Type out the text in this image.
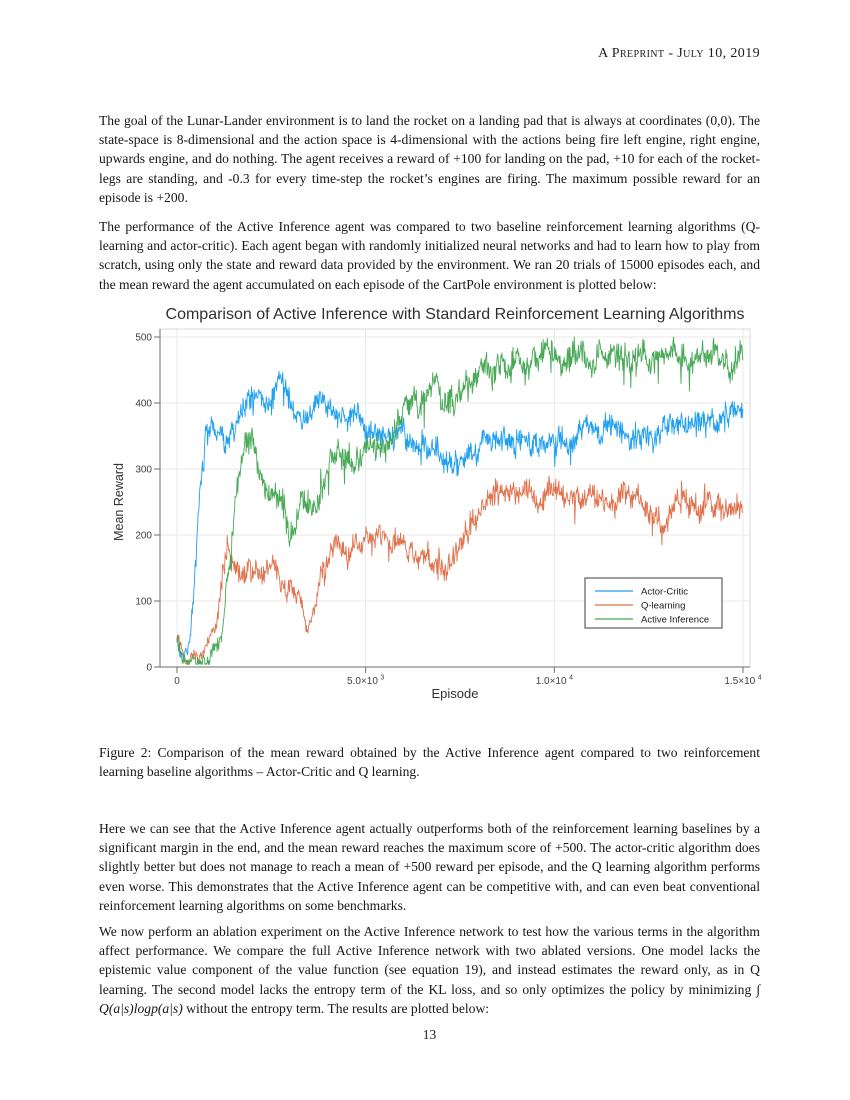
A Preprint - July 10, 2019

The goal of the Lunar-Lander environment is to land the rocket on a landing pad that is always at coordinates (0,0). The state-space is 8-dimensional and the action space is 4-dimensional with the actions being fire left engine, right engine, upwards engine, and do nothing. The agent receives a reward of +100 for landing on the pad, +10 for each of the rocket-legs are standing, and -0.3 for every time-step the rocket’s engines are firing. The maximum possible reward for an episode is +200.

The performance of the Active Inference agent was compared to two baseline reinforcement learning algorithms (Q-learning and actor-critic). Each agent began with randomly initialized neural networks and had to learn how to play from scratch, using only the state and reward data provided by the environment. We ran 20 trials of 15000 episodes each, and the mean reward the agent accumulated on each episode of the CartPole environment is plotted below:

Comparison of Active Inference with Standard Reinforcement Learning Algorithms
0
100
200
300
400
500
0	5.0×10 $^3$	1.0×10 $^4$	1.5×10 $^4$
Mean Reward
Episode
Actor-Critic
Q-learning
Active Inference

Figure 2: Comparison of the mean reward obtained by the Active Inference agent compared to two reinforcement learning baseline algorithms – Actor-Critic and Q learning.

Here we can see that the Active Inference agent actually outperforms both of the reinforcement learning baselines by a significant margin in the end, and the mean reward reaches the maximum score of +500. The actor-critic algorithm does slightly better but does not manage to reach a mean of +500 reward per episode, and the Q learning algorithm performs even worse. This demonstrates that the Active Inference agent can be competitive with, and can even beat conventional reinforcement learning algorithms on some benchmarks.

We now perform an ablation experiment on the Active Inference network to test how the various terms in the algorithm affect performance. We compare the full Active Inference network with two ablated versions. One model lacks the epistemic value component of the value function (see equation 19), and instead estimates the reward only, as in Q learning. The second model lacks the entropy term of the KL loss, and so only optimizes the policy by minimizing ∫ Q(a|s)logp(a|s) without the entropy term. The results are plotted below:

13
